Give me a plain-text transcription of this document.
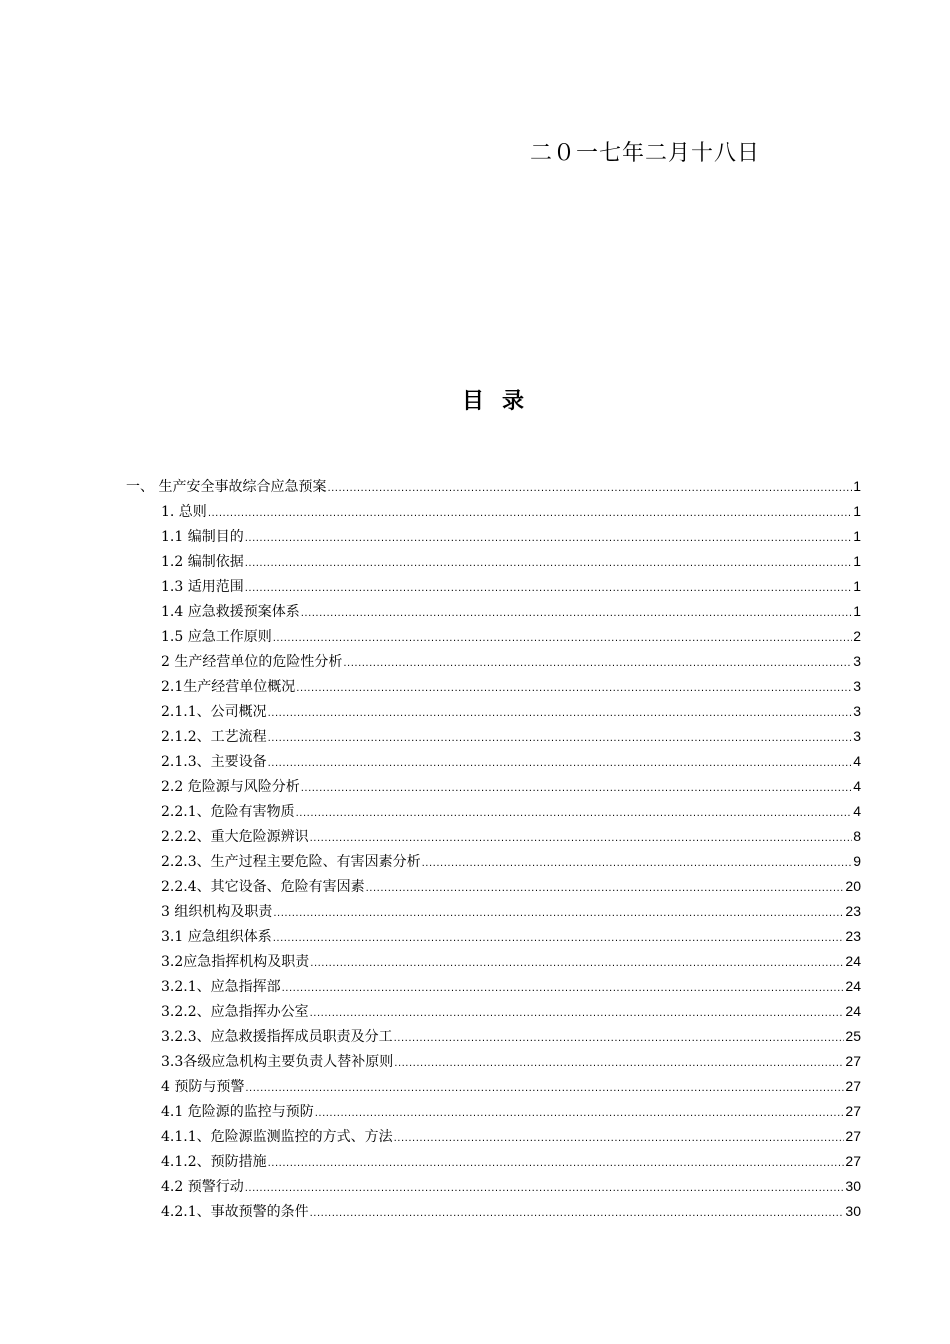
二０一七年二月十八日
目 录
一、 生产安全事故综合应急预案 .....	1
1. 总则 .....	1
1.1 编制目的 .....	1
1.2 编制依据 .....	1
1.3 适用范围 .....	1
1.4 应急救援预案体系 .....	1
1.5 应急工作原则 .....	2
2 生产经营单位的危险性分析 .....	3
2.1生产经营单位概况 .....	3
2.1.1、公司概况 .....	3
2.1.2、工艺流程 .....	3
2.1.3、主要设备 .....	4
2.2 危险源与风险分析 .....	4
2.2.1、危险有害物质 .....	4
2.2.2、重大危险源辨识 .....	8
2.2.3、生产过程主要危险、有害因素分析 .....	9
2.2.4、其它设备、危险有害因素 .....	20
3 组织机构及职责 .....	23
3.1 应急组织体系 .....	23
3.2应急指挥机构及职责 .....	24
3.2.1、应急指挥部 .....	24
3.2.2、应急指挥办公室 .....	24
3.2.3、应急救援指挥成员职责及分工 .....	25
3.3各级应急机构主要负责人替补原则 .....	27
4 预防与预警 .....	27
4.1 危险源的监控与预防 .....	27
4.1.1、危险源监测监控的方式、方法 .....	27
4.1.2、预防措施 .....	27
4.2 预警行动 .....	30
4.2.1、事故预警的条件 .....	30
